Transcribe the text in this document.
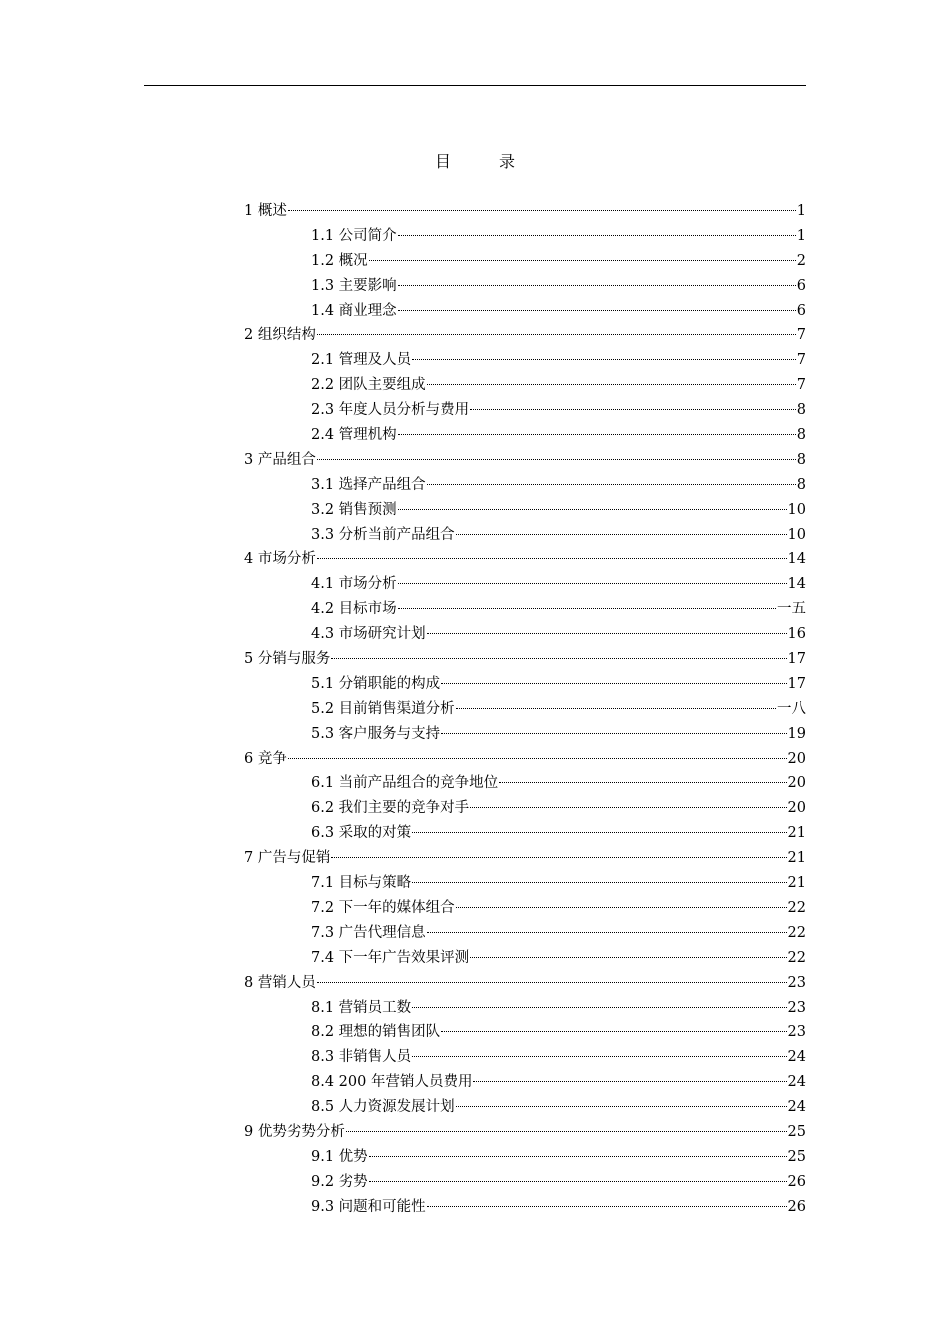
目	录
1 概述	1
1.1 公司简介	1
1.2 概况	2
1.3 主要影响	6
1.4 商业理念	6
2 组织结构	7
2.1 管理及人员	7
2.2 团队主要组成	7
2.3 年度人员分析与费用	8
2.4 管理机构	8
3 产品组合	8
3.1 选择产品组合	8
3.2 销售预测	10
3.3 分析当前产品组合	10
4 市场分析	14
4.1 市场分析	14
4.2 目标市场	一五
4.3 市场研究计划	16
5 分销与服务	17
5.1 分销职能的构成	17
5.2 目前销售渠道分析	一八
5.3 客户服务与支持	19
6 竞争	20
6.1 当前产品组合的竞争地位	20
6.2 我们主要的竞争对手	20
6.3 采取的对策	21
7 广告与促销	21
7.1 目标与策略	21
7.2 下一年的媒体组合	22
7.3 广告代理信息	22
7.4 下一年广告效果评测	22
8 营销人员	23
8.1 营销员工数	23
8.2 理想的销售团队	23
8.3 非销售人员	24
8.4 200 年营销人员费用	24
8.5 人力资源发展计划	24
9 优势劣势分析	25
9.1 优势	25
9.2 劣势	26
9.3 问题和可能性	26
